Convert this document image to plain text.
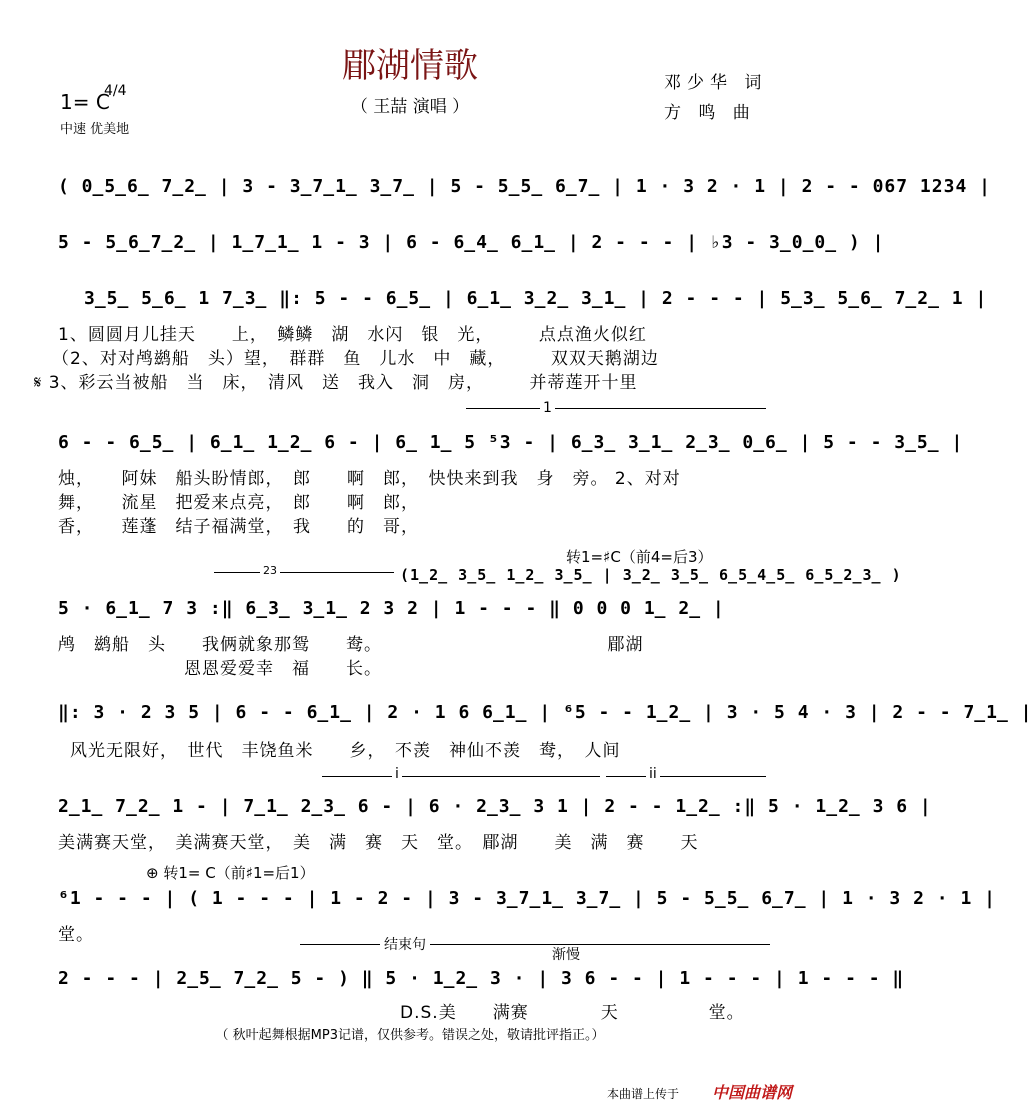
郿湖情歌
（ 王喆 演唱 ）
1= C
4/4
中速 优美地
邓少华 词
方 鸣 曲
( 0̲5̲6̲ 7̲2̲ | 3 - 3̲7̲1̲ 3̲7̲ | 5 - 5̲5̲ 6̲7̲ | 1 · 3 2 · 1 | 2 - - 067 1234 |
5 - 5̲6̲7̲2̲ | 1̲7̲1̲ 1 - 3 | 6 - 6̲4̲ 6̲1̲ | 2 - - - | ♭3 - 3̲0̲0̲ ) |
3̲5̲ 5̲6̲ 1 7̲3̲ ‖: 5 - - 6̲5̲ | 6̲1̲ 3̲2̲ 3̲1̲ | 2 - - - | 5̲3̲ 5̲6̲ 7̲2̲ 1 |
1、圆圆月儿挂天　　上，　鳞鳞　湖　水闪　银　光，　　　点点渔火似红
（2、对对鸬鹚船　头）望，　群群　鱼　儿水　中　藏，　　　双双天鹅湖边
𝄋 3、彩云当被船　当　床，　清风　送　我入　洞　房，　　　并蒂莲开十里
1
6 - - 6̲5̲ | 6̲1̲ 1̲2̲ 6 - | 6̲ 1̲ 5 ⁵3 - | 6̲3̲ 3̲1̲ 2̲3̲ 0̲6̲ | 5 - - 3̲5̲ |
烛，　　阿妹　船头盼情郎，　郎　　啊　郎，　快快来到我　身　旁。 2、对对
舞，　　流星　把爱来点亮，　郎　　啊　郎，
香，　　莲蓬　结子福满堂，　我　　的　哥，
转1=♯C（前4=后3）
23	(1̲2̲ 3̲5̲ 1̲2̲ 3̲5̲ | 3̲2̲ 3̲5̲ 6̲5̲4̲5̲ 6̲5̲2̲3̲ )
5 · 6̲1̲ 7 3 :‖ 6̲3̲ 3̲1̲ 2 3 2 | 1 - - - ‖ 0 0 0 1̲ 2̲ |
鸬　鹚船　头　　我俩就象那鸳　　鸯。　　　　　　　　　　　　　郿湖
　　　　　　　恩恩爱爱幸　福　　长。
‖: 3 · 2 3 5 | 6 - - 6̲1̲ | 2 · 1 6 6̲1̲ | ⁶5 - - 1̲2̲ | 3 · 5 4 · 3 | 2 - - 7̲1̲ |
风光无限好，　世代　丰饶鱼米　　乡，　不羡　神仙不羡　鸯，　人间
i	ii
2̲1̲ 7̲2̲ 1 - | 7̲1̲ 2̲3̲ 6 - | 6 · 2̲3̲ 3 1 | 2 - - 1̲2̲ :‖ 5 · 1̲2̲ 3 6 |
美满赛天堂，　美满赛天堂，　美　满　赛　天　堂。　郿湖　　美　满　赛　　天
⊕ 转1= C（前♯1=后1）
⁶1 - - - | ( 1 - - - | 1 - 2 - | 3 - 3̲7̲1̲ 3̲7̲ | 5 - 5̲5̲ 6̲7̲ | 1 · 3 2 · 1 |
堂。	结束句
渐慢
2 - - - | 2̲5̲ 7̲2̲ 5 - ) ‖ 5 · 1̲2̲ 3 · | 3 6 - - | 1 - - - | 1 - - - ‖
　　　　　　　　　　　　　　　　　　　D.S.美　　满赛　　　　天　　　　　堂。
（ 秋叶起舞根据MP3记谱，仅供参考。错误之处，敬请批评指正。）
本曲谱上传于 中国曲谱网
